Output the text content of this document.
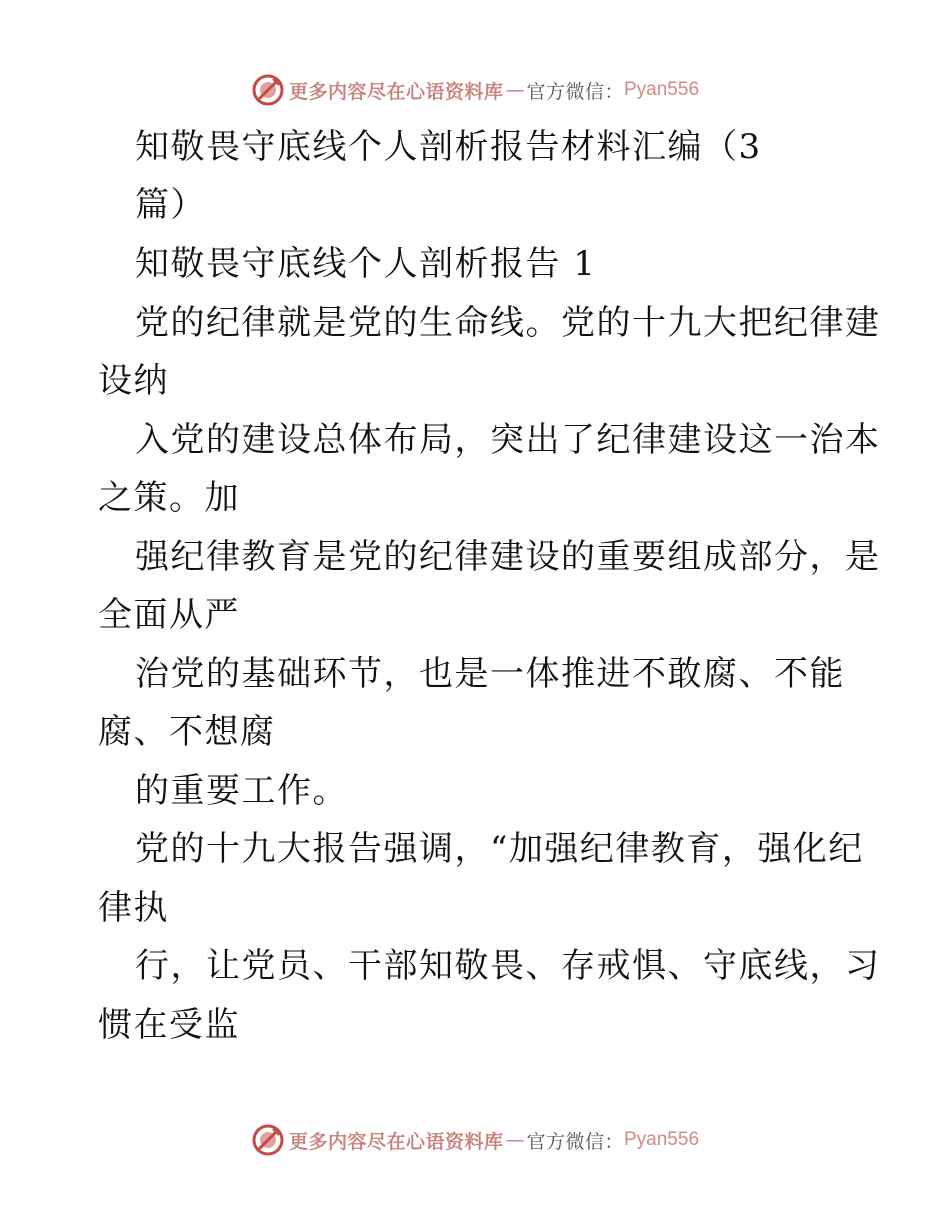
更多内容尽在心语资料库 — 官方微信： Pyan556
知敬畏守底线个人剖析报告材料汇编（3
篇）
知敬畏守底线个人剖析报告 1
党的纪律就是党的生命线。党的十九大把纪律建
设纳
入党的建设总体布局，突出了纪律建设这一治本
之策。加
强纪律教育是党的纪律建设的重要组成部分，是
全面从严
治党的基础环节，也是一体推进不敢腐、不能
腐、不想腐
的重要工作。
党的十九大报告强调，“加强纪律教育，强化纪
律执
行，让党员、干部知敬畏、存戒惧、守底线，习
惯在受监
更多内容尽在心语资料库 — 官方微信： Pyan556
